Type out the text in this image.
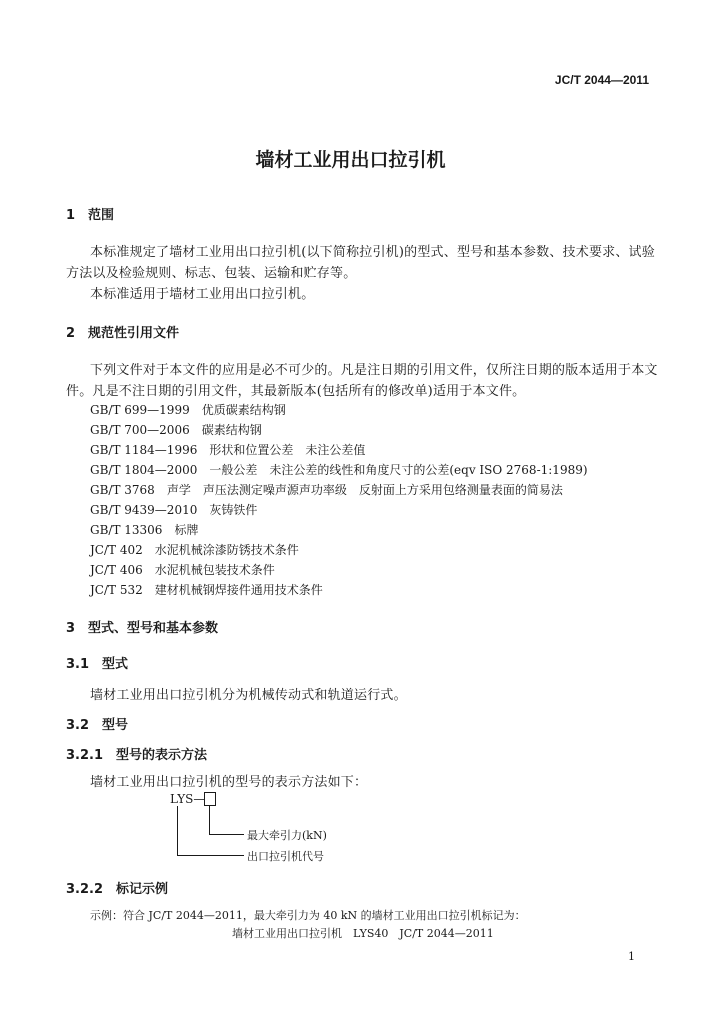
JC/T 2044—2011
墙材工业用出口拉引机
1　范围
本标准规定了墙材工业用出口拉引机(以下简称拉引机)的型式、型号和基本参数、技术要求、试验
方法以及检验规则、标志、包装、运输和贮存等。
本标准适用于墙材工业用出口拉引机。
2　规范性引用文件
下列文件对于本文件的应用是必不可少的。凡是注日期的引用文件，仅所注日期的版本适用于本文
件。凡是不注日期的引用文件，其最新版本(包括所有的修改单)适用于本文件。
GB/T 699—1999　 优质碳素结构钢
GB/T 700—2006　 碳素结构钢
GB/T 1184—1996　 形状和位置公差　未注公差值
GB/T 1804—2000　 一般公差　未注公差的线性和角度尺寸的公差(eqv ISO 2768-1:1989)
GB/T 3768　 声学　声压法测定噪声源声功率级　反射面上方采用包络测量表面的简易法
GB/T 9439—2010　 灰铸铁件
GB/T 13306　 标牌
JC/T 402　 水泥机械涂漆防锈技术条件
JC/T 406　 水泥机械包装技术条件
JC/T 532　 建材机械钢焊接件通用技术条件
3　型式、型号和基本参数
3.1　型式
墙材工业用出口拉引机分为机械传动式和轨道运行式。
3.2　型号
3.2.1　型号的表示方法
墙材工业用出口拉引机的型号的表示方法如下：
LYS—
最大牵引力(kN)
出口拉引机代号
3.2.2　标记示例
示例：符合 JC/T 2044—2011，最大牵引力为 40 kN 的墙材工业用出口拉引机标记为：
墙材工业用出口拉引机　LYS40　JC/T 2044—2011
1
